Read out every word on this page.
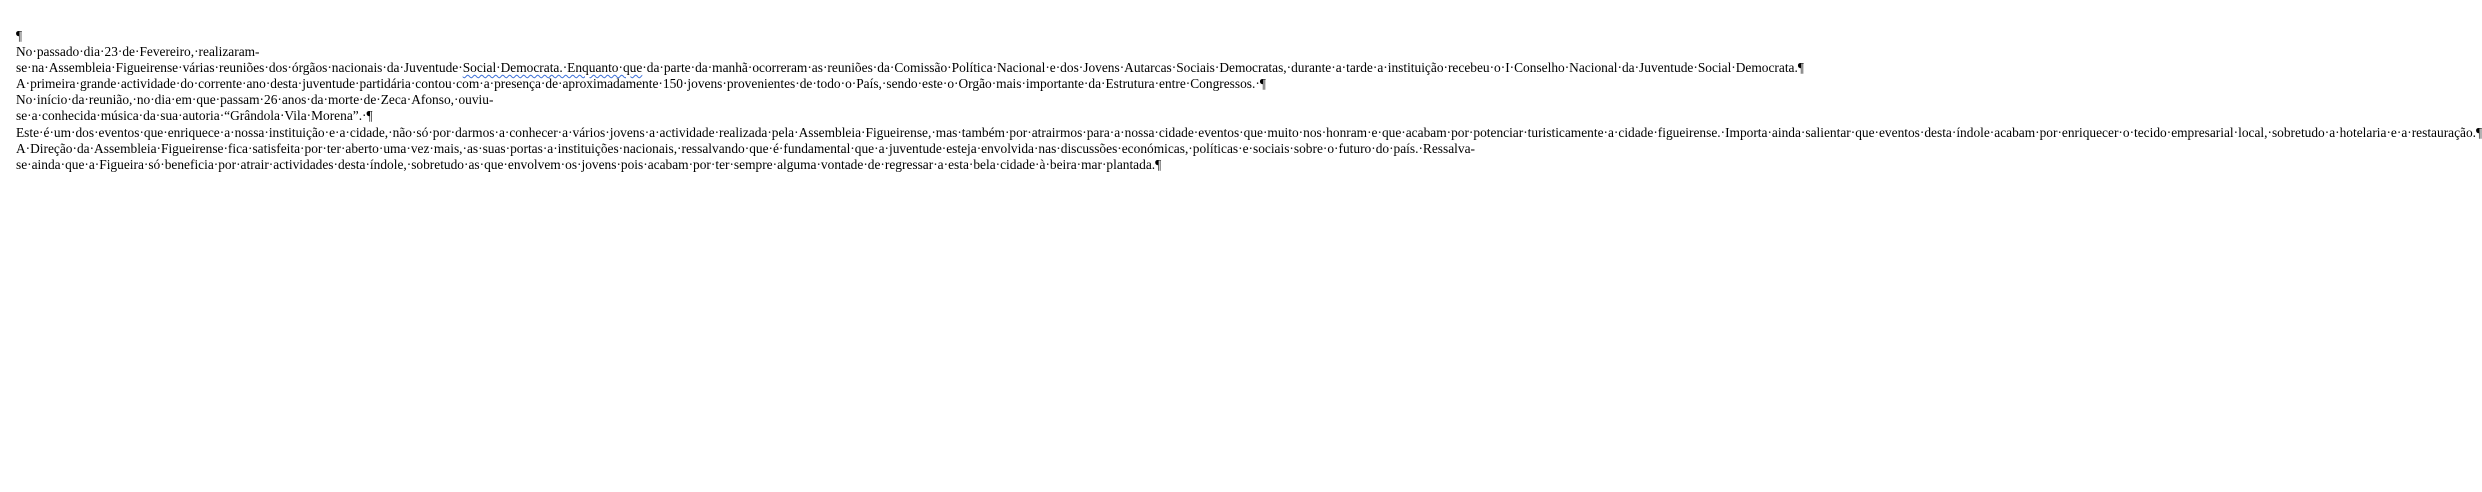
¶

No·passado·dia·23·de·Fevereiro,·realizaram-se·na·Assembleia·Figueirense·várias·reuniões·dos·órgãos·nacionais·da·Juventude·Social·Democrata.·Enquanto·que·da·parte·da·manhã·ocorreram·as·reuniões·da·Comissão·Política·Nacional·e·dos·Jovens·Autarcas·Sociais·Democratas,·durante·a·tarde·a·instituição·recebeu·o·I·Conselho·Nacional·da·Juventude·Social·Democrata.¶

A·primeira·grande·actividade·do·corrente·ano·desta·juventude·partidária·contou·com·a·presença·de·aproximadamente·150·jovens·provenientes·de·todo·o·País,·sendo·este·o·Orgão·mais·importante·da·Estrutura·entre·Congressos.·¶

No·início·da·reunião,·no·dia·em·que·passam·26·anos·da·morte·de·Zeca·Afonso,·ouviu-se·a·conhecida·música·da·sua·autoria·“Grândola·Vila·Morena”.·¶

Este·é·um·dos·eventos·que·enriquece·a·nossa·instituição·e·a·cidade,·não·só·por·darmos·a·conhecer·a·vários·jovens·a·actividade·realizada·pela·Assembleia·Figueirense,·mas·também·por·atrairmos·para·a·nossa·cidade·eventos·que·muito·nos·honram·e·que·acabam·por·potenciar·turisticamente·a·cidade·figueirense.·Importa·ainda·salientar·que·eventos·desta·índole·acabam·por·enriquecer·o·tecido·empresarial·local,·sobretudo·a·hotelaria·e·a·restauração.¶

A·Direção·da·Assembleia·Figueirense·fica·satisfeita·por·ter·aberto·uma·vez·mais,·as·suas·portas·a·instituições·nacionais,·ressalvando·que·é·fundamental·que·a·juventude·esteja·envolvida·nas·discussões·económicas,·políticas·e·sociais·sobre·o·futuro·do·país.·Ressalva-se·ainda·que·a·Figueira·só·beneficia·por·atrair·actividades·desta·índole,·sobretudo·as·que·envolvem·os·jovens·pois·acabam·por·ter·sempre·alguma·vontade·de·regressar·a·esta·bela·cidade·à·beira·mar·plantada.¶
